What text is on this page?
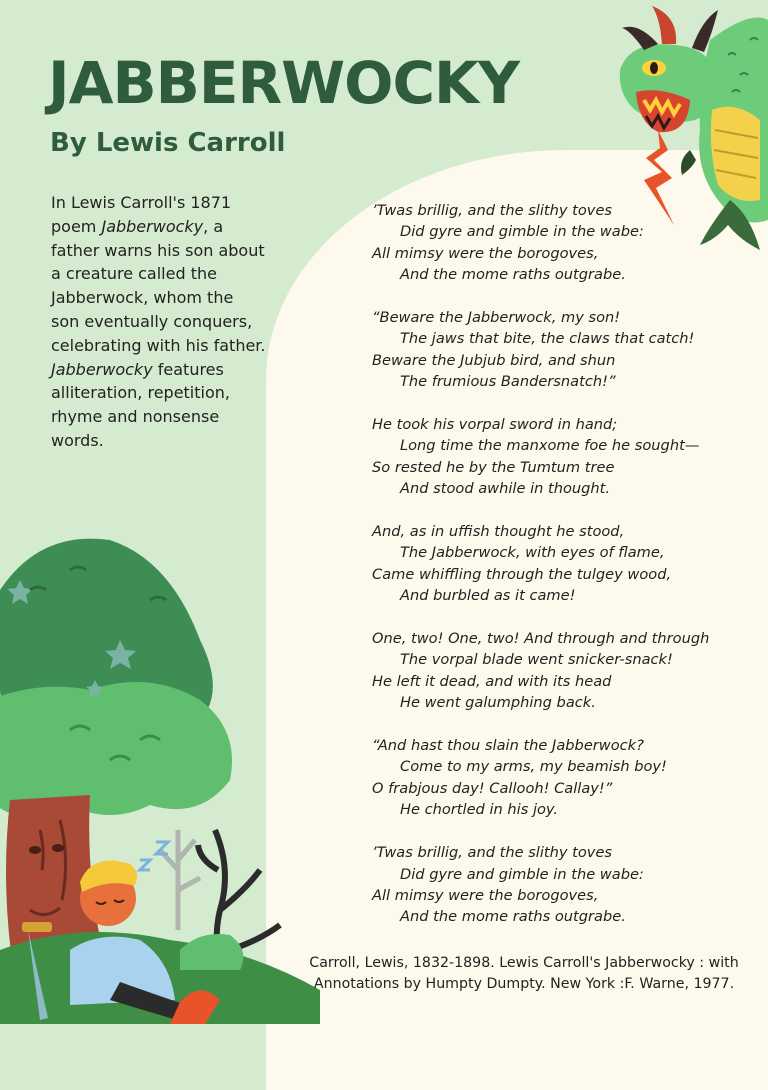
JABBERWOCKY
By Lewis Carroll

In Lewis Carroll's 1871 poem Jabberwocky, a father warns his son about a creature called the Jabberwock, whom the son eventually conquers, celebrating with his father. Jabberwocky features alliteration, repetition, rhyme and nonsense words.

’Twas brillig, and the slithy toves
Did gyre and gimble in the wabe:
All mimsy were the borogoves,
And the mome raths outgrabe.
“Beware the Jabberwock, my son!
The jaws that bite, the claws that catch!
Beware the Jubjub bird, and shun
The frumious Bandersnatch!”
He took his vorpal sword in hand;
Long time the manxome foe he sought—
So rested he by the Tumtum tree
And stood awhile in thought.
And, as in uffish thought he stood,
The Jabberwock, with eyes of flame,
Came whiffling through the tulgey wood,
And burbled as it came!
One, two! One, two! And through and through
The vorpal blade went snicker-snack!
He left it dead, and with its head
He went galumphing back.
“And hast thou slain the Jabberwock?
Come to my arms, my beamish boy!
O frabjous day! Callooh! Callay!”
He chortled in his joy.
’Twas brillig, and the slithy toves
Did gyre and gimble in the wabe:
All mimsy were the borogoves,
And the mome raths outgrabe.

Carroll, Lewis, 1832-1898. Lewis Carroll's Jabberwocky : with Annotations by Humpty Dumpty. New York :F. Warne, 1977.
